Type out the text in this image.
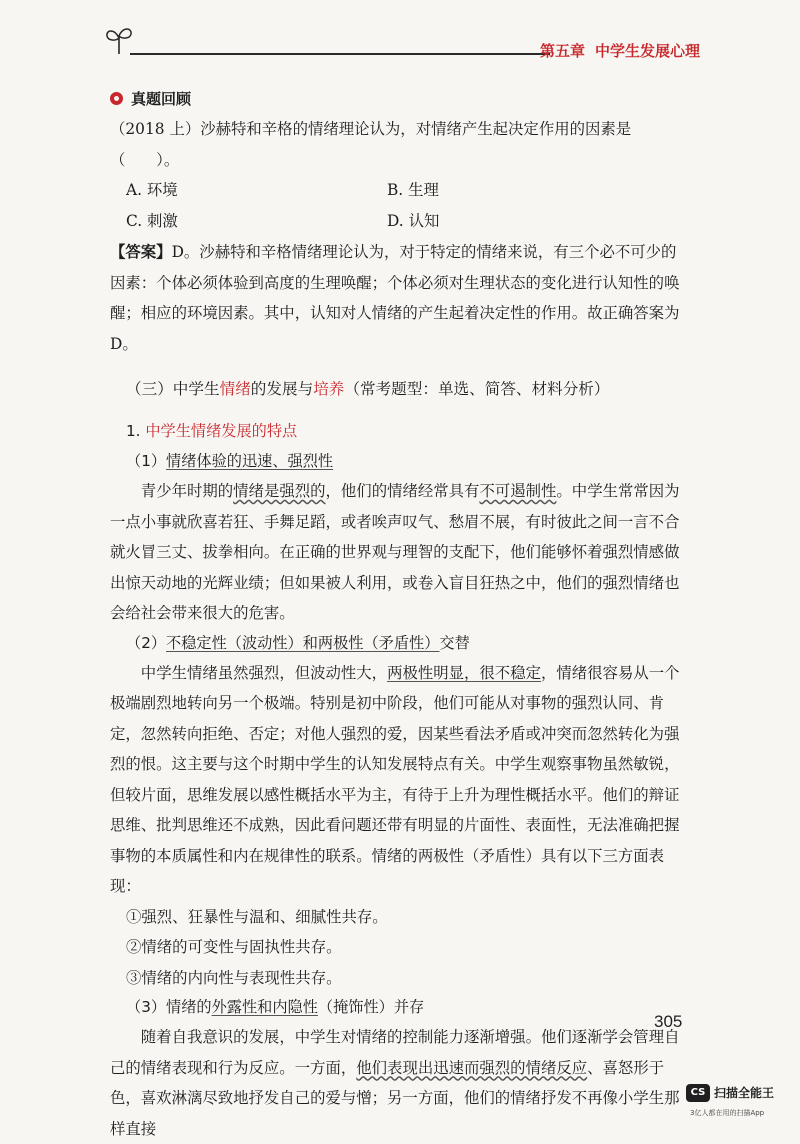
第五章 中学生发展心理
真题回顾

（2018 上）沙赫特和辛格的情绪理论认为，对情绪产生起决定作用的因素是（　　）。

A. 环境	B. 生理
C. 刺激	D. 认知

【答案】D。沙赫特和辛格情绪理论认为，对于特定的情绪来说，有三个必不可少的因素：个体必须体验到高度的生理唤醒；个体必须对生理状态的变化进行认知性的唤醒；相应的环境因素。其中，认知对人情绪的产生起着决定性的作用。故正确答案为 D。

（三）中学生情绪的发展与培养（常考题型：单选、简答、材料分析）
1. 中学生情绪发展的特点
（1）情绪体验的迅速、强烈性

青少年时期的情绪是强烈的，他们的情绪经常具有不可遏制性。中学生常常因为一点小事就欣喜若狂、手舞足蹈，或者唉声叹气、愁眉不展，有时彼此之间一言不合就火冒三丈、拔拳相向。在正确的世界观与理智的支配下，他们能够怀着强烈情感做出惊天动地的光辉业绩；但如果被人利用，或卷入盲目狂热之中，他们的强烈情绪也会给社会带来很大的危害。

（2）不稳定性（波动性）和两极性（矛盾性）交替

中学生情绪虽然强烈，但波动性大，两极性明显，很不稳定，情绪很容易从一个极端剧烈地转向另一个极端。特别是初中阶段，他们可能从对事物的强烈认同、肯定，忽然转向拒绝、否定；对他人强烈的爱，因某些看法矛盾或冲突而忽然转化为强烈的恨。这主要与这个时期中学生的认知发展特点有关。中学生观察事物虽然敏锐，但较片面，思维发展以感性概括水平为主，有待于上升为理性概括水平。他们的辩证思维、批判思维还不成熟，因此看问题还带有明显的片面性、表面性，无法准确把握事物的本质属性和内在规律性的联系。情绪的两极性（矛盾性）具有以下三方面表现：

①强烈、狂暴性与温和、细腻性共存。
②情绪的可变性与固执性共存。
③情绪的内向性与表现性共存。
（3）情绪的外露性和内隐性（掩饰性）并存

随着自我意识的发展，中学生对情绪的控制能力逐渐增强。他们逐渐学会管理自己的情绪表现和行为反应。一方面，他们表现出迅速而强烈的情绪反应、喜怒形于色，喜欢淋漓尽致地抒发自己的爱与憎；另一方面，他们的情绪抒发不再像小学生那样直接

305
CS 扫描全能王
3亿人都在用的扫描App
